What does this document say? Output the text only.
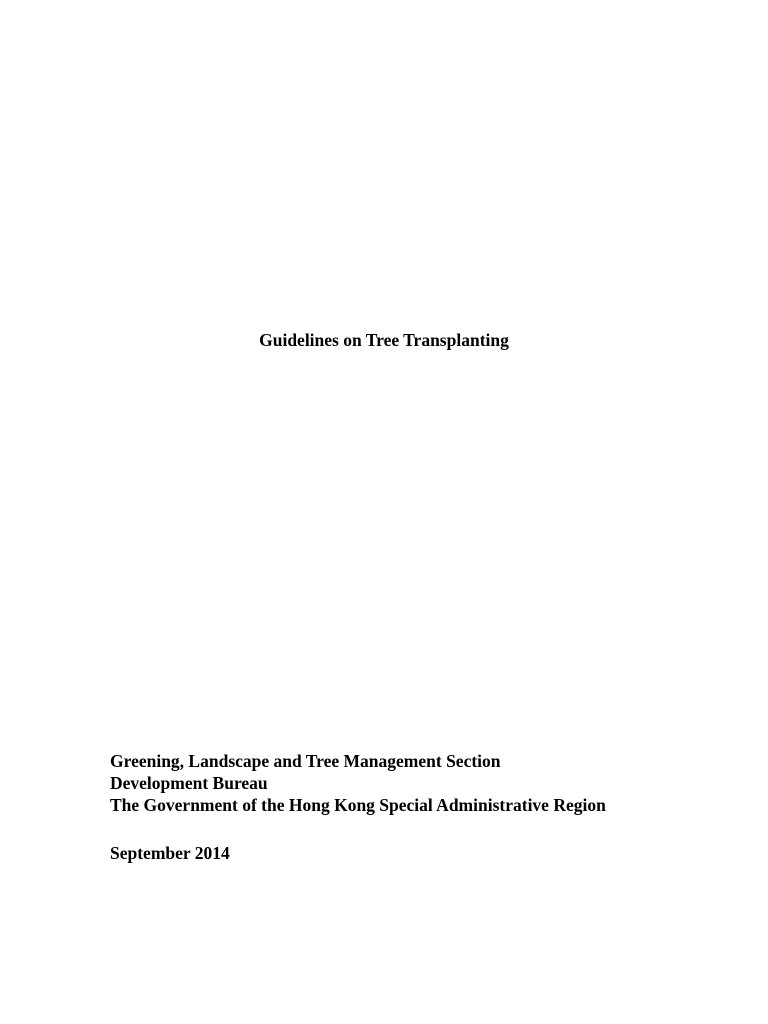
Guidelines on Tree Transplanting
Greening, Landscape and Tree Management Section
Development Bureau
The Government of the Hong Kong Special Administrative Region

September 2014
